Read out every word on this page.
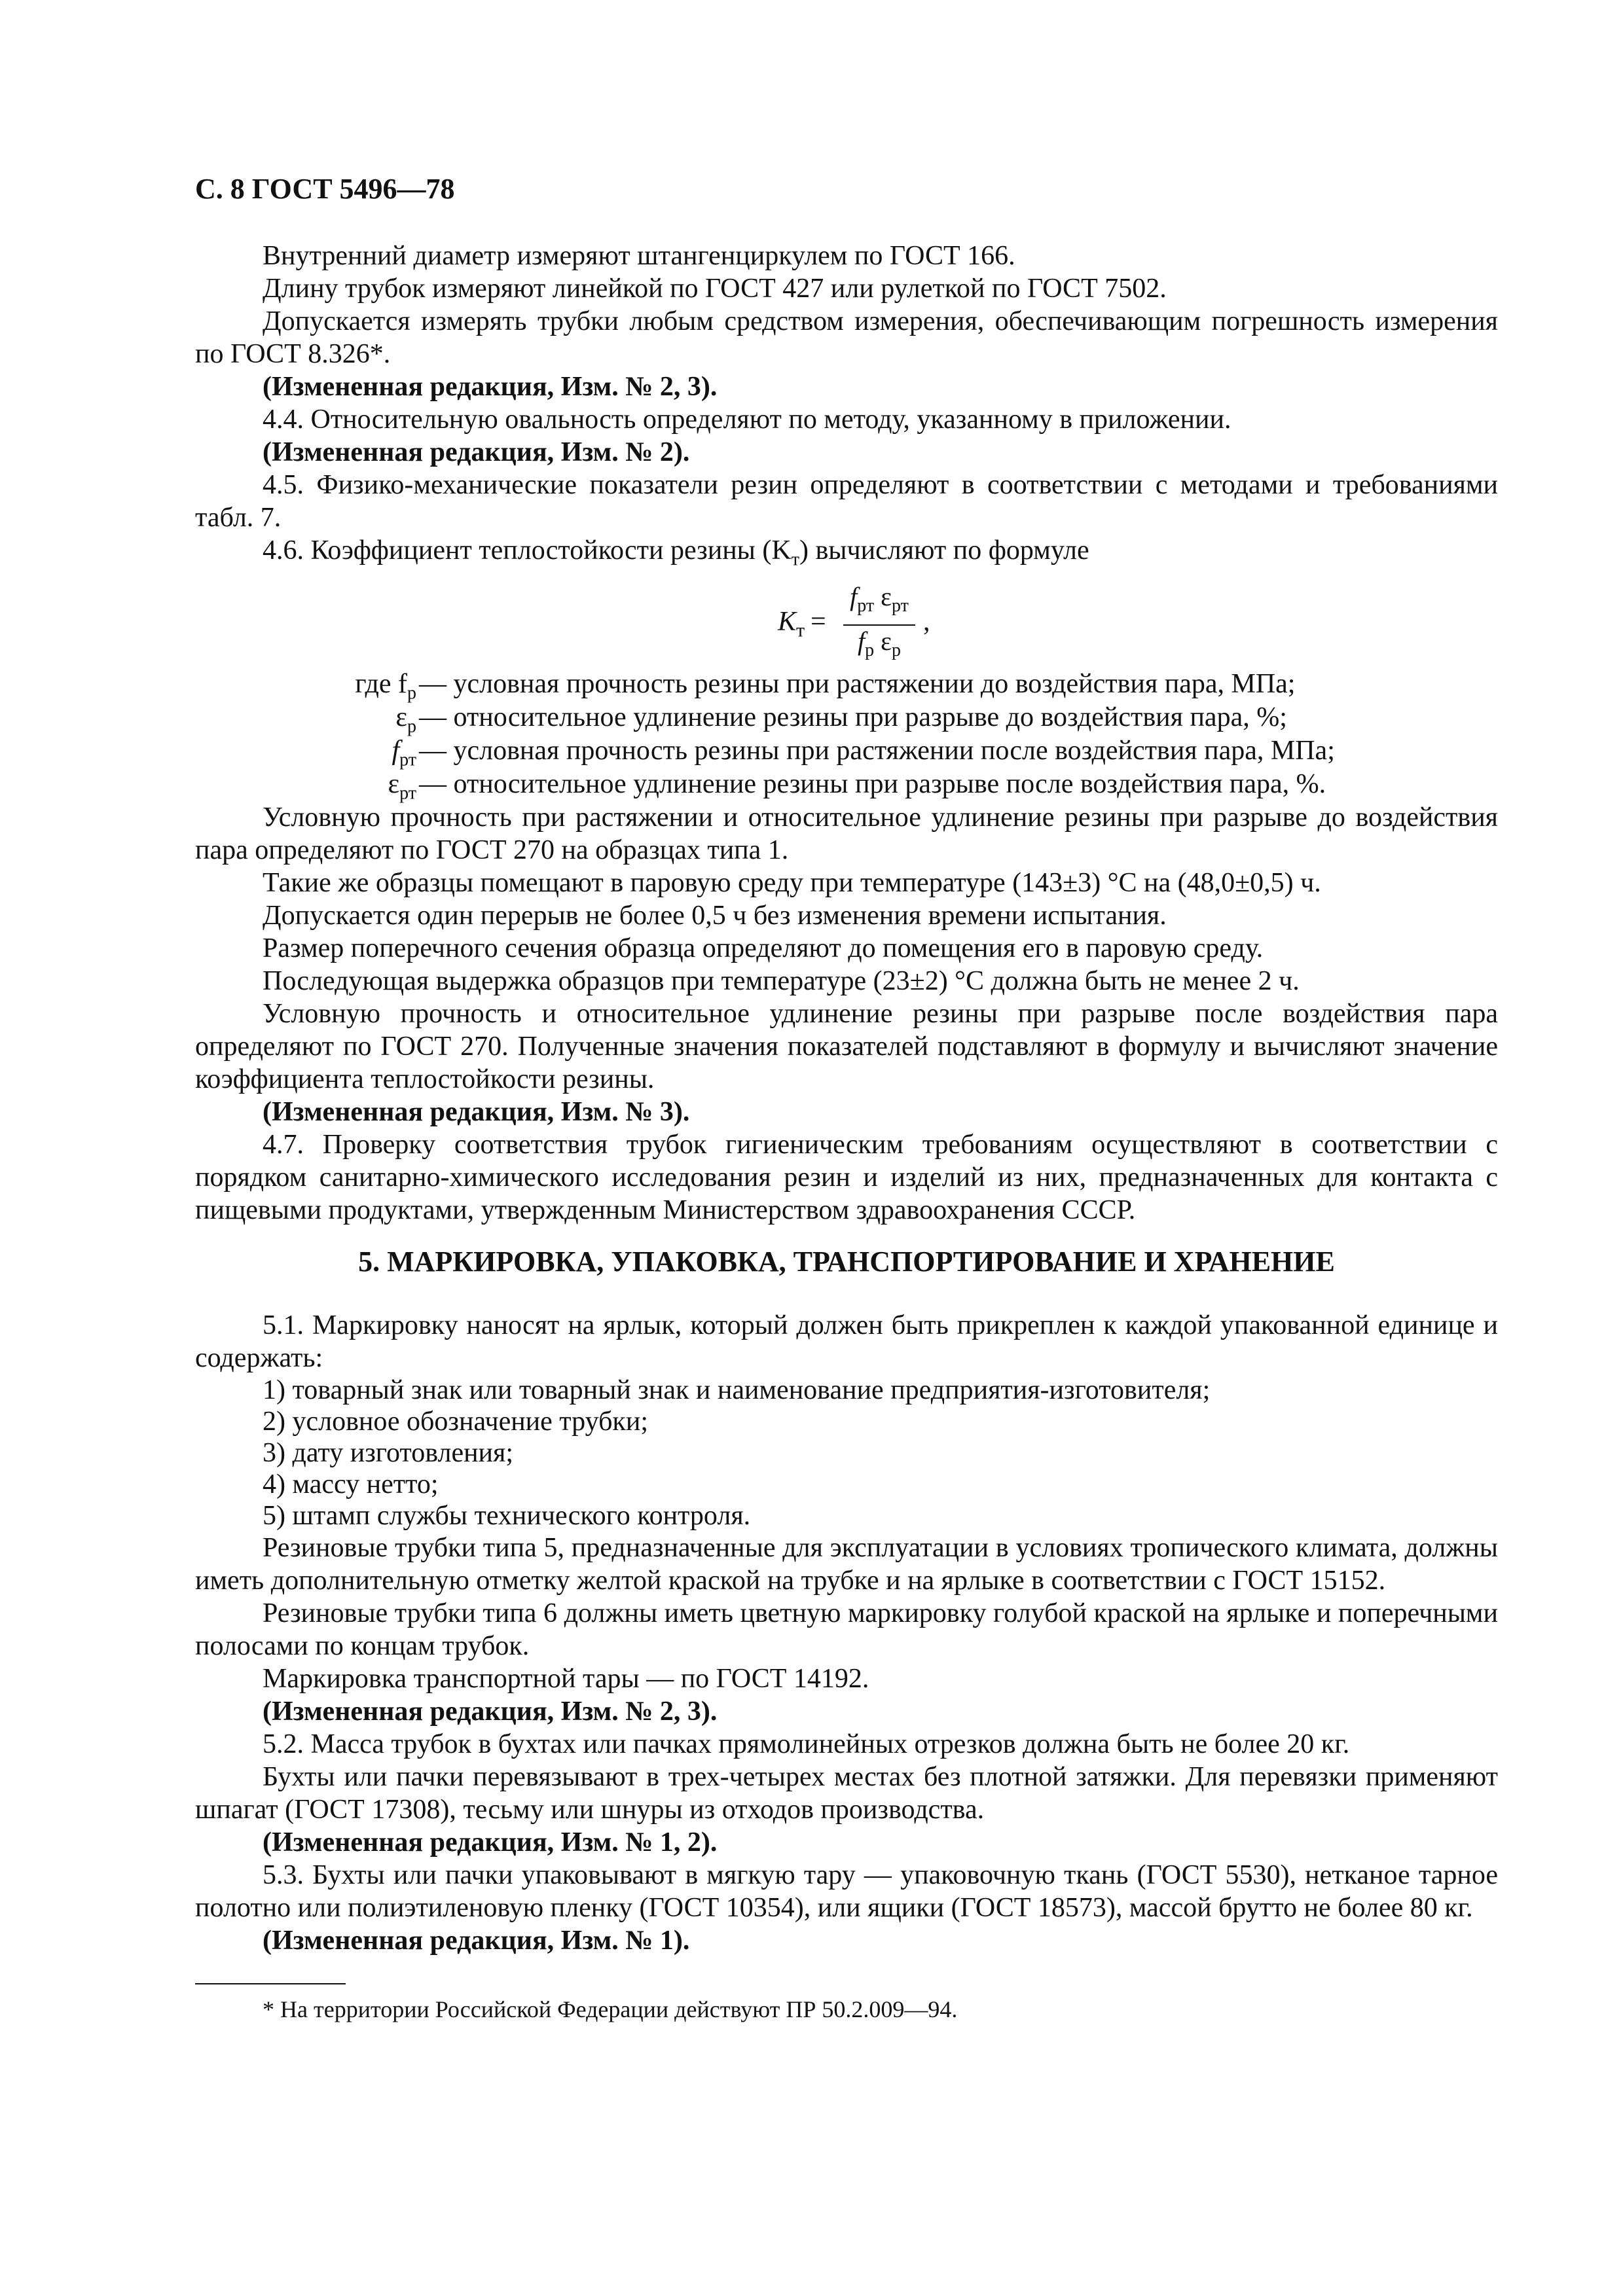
С. 8 ГОСТ 5496—78

Внутренний диаметр измеряют штангенциркулем по ГОСТ 166.

Длину трубок измеряют линейкой по ГОСТ 427 или рулеткой по ГОСТ 7502.

Допускается измерять трубки любым средством измерения, обеспечивающим погрешность измерения по ГОСТ 8.326*.

(Измененная редакция, Изм. № 2, 3).

4.4. Относительную овальность определяют по методу, указанному в приложении.

(Измененная редакция, Изм. № 2).

4.5. Физико-механические показатели резин определяют в соответствии с методами и требованиями табл. 7.

4.6. Коэффициент теплостойкости резины $(K_т)$ вычисляют по формуле

$K_т$ =
$f_{рт}$ $\varepsilon_{рт}$
$f_р$ $\varepsilon_р$
,
где $f_р$ — условная прочность резины при растяжении до воздействия пара, МПа;
$\varepsilon_р$ — относительное удлинение резины при разрыве до воздействия пара, %;
$f_{рт}$ — условная прочность резины при растяжении после воздействия пара, МПа;
$\varepsilon_{рт}$ — относительное удлинение резины при разрыве после воздействия пара, %.

Условную прочность при растяжении и относительное удлинение резины при разрыве до воздействия пара определяют по ГОСТ 270 на образцах типа 1.

Такие же образцы помещают в паровую среду при температуре (143±3) °С на (48,0±0,5) ч.

Допускается один перерыв не более 0,5 ч без изменения времени испытания.

Размер поперечного сечения образца определяют до помещения его в паровую среду.

Последующая выдержка образцов при температуре (23±2) °С должна быть не менее 2 ч.

Условную прочность и относительное удлинение резины при разрыве после воздействия пара определяют по ГОСТ 270. Полученные значения показателей подставляют в формулу и вычисляют значение коэффициента теплостойкости резины.

(Измененная редакция, Изм. № 3).

4.7. Проверку соответствия трубок гигиеническим требованиям осуществляют в соответствии с порядком санитарно-химического исследования резин и изделий из них, предназначенных для контакта с пищевыми продуктами, утвержденным Министерством здравоохранения СССР.

5. МАРКИРОВКА, УПАКОВКА, ТРАНСПОРТИРОВАНИЕ И ХРАНЕНИЕ

5.1. Маркировку наносят на ярлык, который должен быть прикреплен к каждой упакованной единице и содержать:

1) товарный знак или товарный знак и наименование предприятия-изготовителя;
2) условное обозначение трубки;
3) дату изготовления;
4) массу нетто;
5) штамп службы технического контроля.

Резиновые трубки типа 5, предназначенные для эксплуатации в условиях тропического климата, должны иметь дополнительную отметку желтой краской на трубке и на ярлыке в соответствии с ГОСТ 15152.

Резиновые трубки типа 6 должны иметь цветную маркировку голубой краской на ярлыке и поперечными полосами по концам трубок.

Маркировка транспортной тары — по ГОСТ 14192.

(Измененная редакция, Изм. № 2, 3).

5.2. Масса трубок в бухтах или пачках прямолинейных отрезков должна быть не более 20 кг.

Бухты или пачки перевязывают в трех-четырех местах без плотной затяжки. Для перевязки применяют шпагат (ГОСТ 17308), тесьму или шнуры из отходов производства.

(Измененная редакция, Изм. № 1, 2).

5.3. Бухты или пачки упаковывают в мягкую тару — упаковочную ткань (ГОСТ 5530), нетканое тарное полотно или полиэтиленовую пленку (ГОСТ 10354), или ящики (ГОСТ 18573), массой брутто не более 80 кг.

(Измененная редакция, Изм. № 1).

* На территории Российской Федерации действуют ПР 50.2.009—94.
